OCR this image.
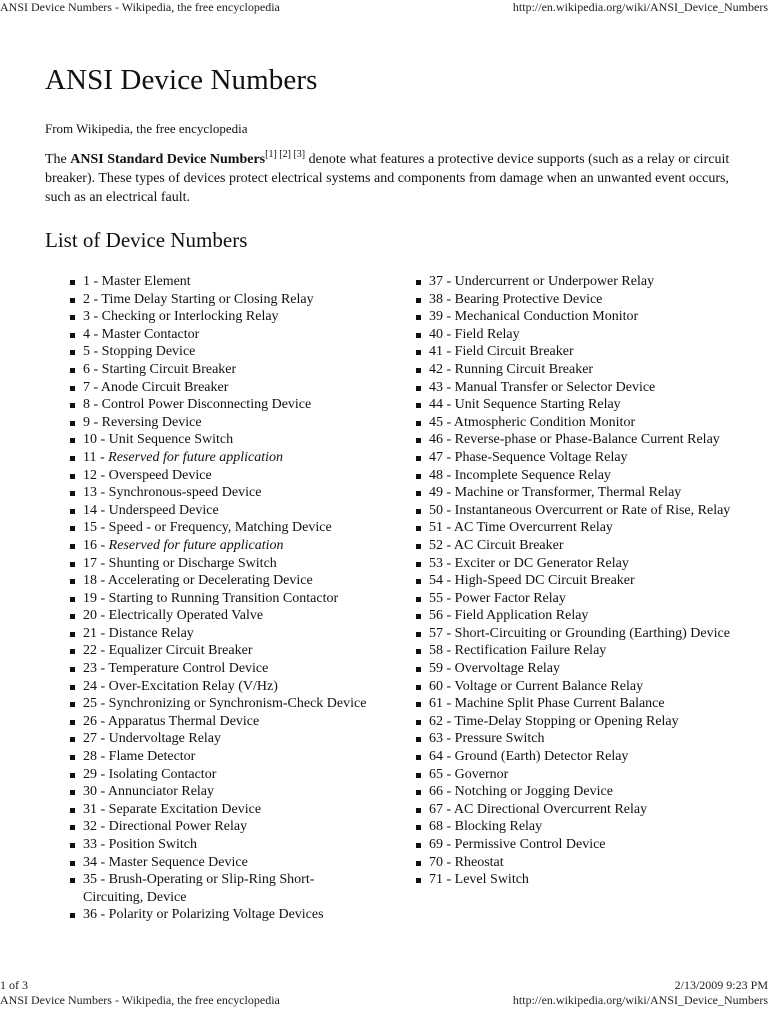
ANSI Device Numbers - Wikipedia, the free encyclopedia	http://en.wikipedia.org/wiki/ANSI_Device_Numbers
ANSI Device Numbers
From Wikipedia, the free encyclopedia

The ANSI Standard Device Numbers[1] [2] [3] denote what features a protective device supports (such as a relay or circuit breaker). These types of devices protect electrical systems and components from damage when an unwanted event occurs, such as an electrical fault.

List of Device Numbers
1 - Master Element
2 - Time Delay Starting or Closing Relay
3 - Checking or Interlocking Relay
4 - Master Contactor
5 - Stopping Device
6 - Starting Circuit Breaker
7 - Anode Circuit Breaker
8 - Control Power Disconnecting Device
9 - Reversing Device
10 - Unit Sequence Switch
11 - Reserved for future application
12 - Overspeed Device
13 - Synchronous-speed Device
14 - Underspeed Device
15 - Speed - or Frequency, Matching Device
16 - Reserved for future application
17 - Shunting or Discharge Switch
18 - Accelerating or Decelerating Device
19 - Starting to Running Transition Contactor
20 - Electrically Operated Valve
21 - Distance Relay
22 - Equalizer Circuit Breaker
23 - Temperature Control Device
24 - Over-Excitation Relay (V/Hz)
25 - Synchronizing or Synchronism-Check Device
26 - Apparatus Thermal Device
27 - Undervoltage Relay
28 - Flame Detector
29 - Isolating Contactor
30 - Annunciator Relay
31 - Separate Excitation Device
32 - Directional Power Relay
33 - Position Switch
34 - Master Sequence Device
35 - Brush-Operating or Slip-Ring Short-Circuiting, Device
36 - Polarity or Polarizing Voltage Devices
37 - Undercurrent or Underpower Relay
38 - Bearing Protective Device
39 - Mechanical Conduction Monitor
40 - Field Relay
41 - Field Circuit Breaker
42 - Running Circuit Breaker
43 - Manual Transfer or Selector Device
44 - Unit Sequence Starting Relay
45 - Atmospheric Condition Monitor
46 - Reverse-phase or Phase-Balance Current Relay
47 - Phase-Sequence Voltage Relay
48 - Incomplete Sequence Relay
49 - Machine or Transformer, Thermal Relay
50 - Instantaneous Overcurrent or Rate of Rise, Relay
51 - AC Time Overcurrent Relay
52 - AC Circuit Breaker
53 - Exciter or DC Generator Relay
54 - High-Speed DC Circuit Breaker
55 - Power Factor Relay
56 - Field Application Relay
57 - Short-Circuiting or Grounding (Earthing) Device
58 - Rectification Failure Relay
59 - Overvoltage Relay
60 - Voltage or Current Balance Relay
61 - Machine Split Phase Current Balance
62 - Time-Delay Stopping or Opening Relay
63 - Pressure Switch
64 - Ground (Earth) Detector Relay
65 - Governor
66 - Notching or Jogging Device
67 - AC Directional Overcurrent Relay
68 - Blocking Relay
69 - Permissive Control Device
70 - Rheostat
71 - Level Switch
1 of 3	2/13/2009 9:23 PM
ANSI Device Numbers - Wikipedia, the free encyclopedia	http://en.wikipedia.org/wiki/ANSI_Device_Numbers
